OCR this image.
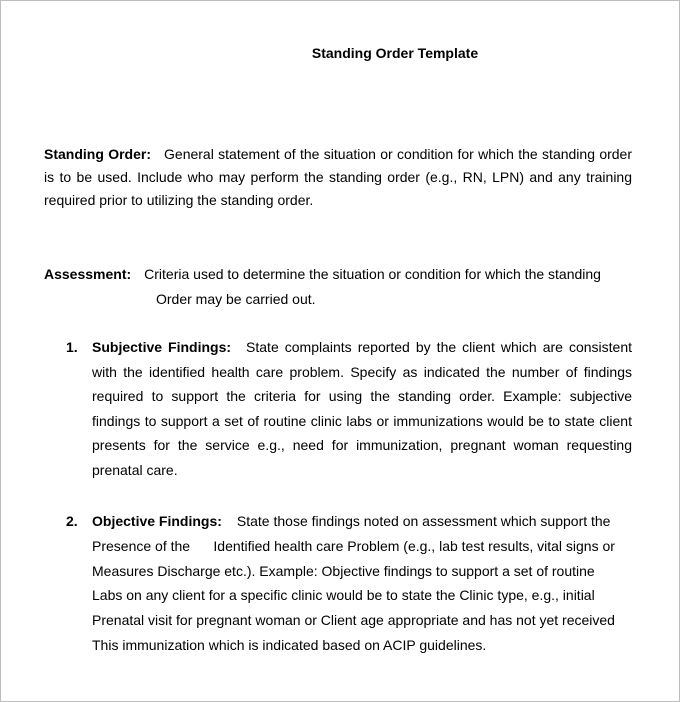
Standing Order Template
Standing Order: General statement of the situation or condition for which the standing order
is to be used. Include who may perform the standing order (e.g., RN, LPN) and any training
required prior to utilizing the standing order.
Assessment: Criteria used to determine the situation or condition for which the standing
Order may be carried out.
1. Subjective Findings: State complaints reported by the client which are consistent
with the identified health care problem. Specify as indicated the number of findings
required to support the criteria for using the standing order. Example: subjective
findings to support a set of routine clinic labs or immunizations would be to state client
presents for the service e.g., need for immunization, pregnant woman requesting
prenatal care.
2. Objective Findings: State those findings noted on assessment which support the
Presence of the      Identified health care Problem (e.g., lab test results, vital signs or
Measures Discharge etc.). Example: Objective findings to support a set of routine
Labs on any client for a specific clinic would be to state the Clinic type, e.g., initial
Prenatal visit for pregnant woman or Client age appropriate and has not yet received
This immunization which is indicated based on ACIP guidelines.
